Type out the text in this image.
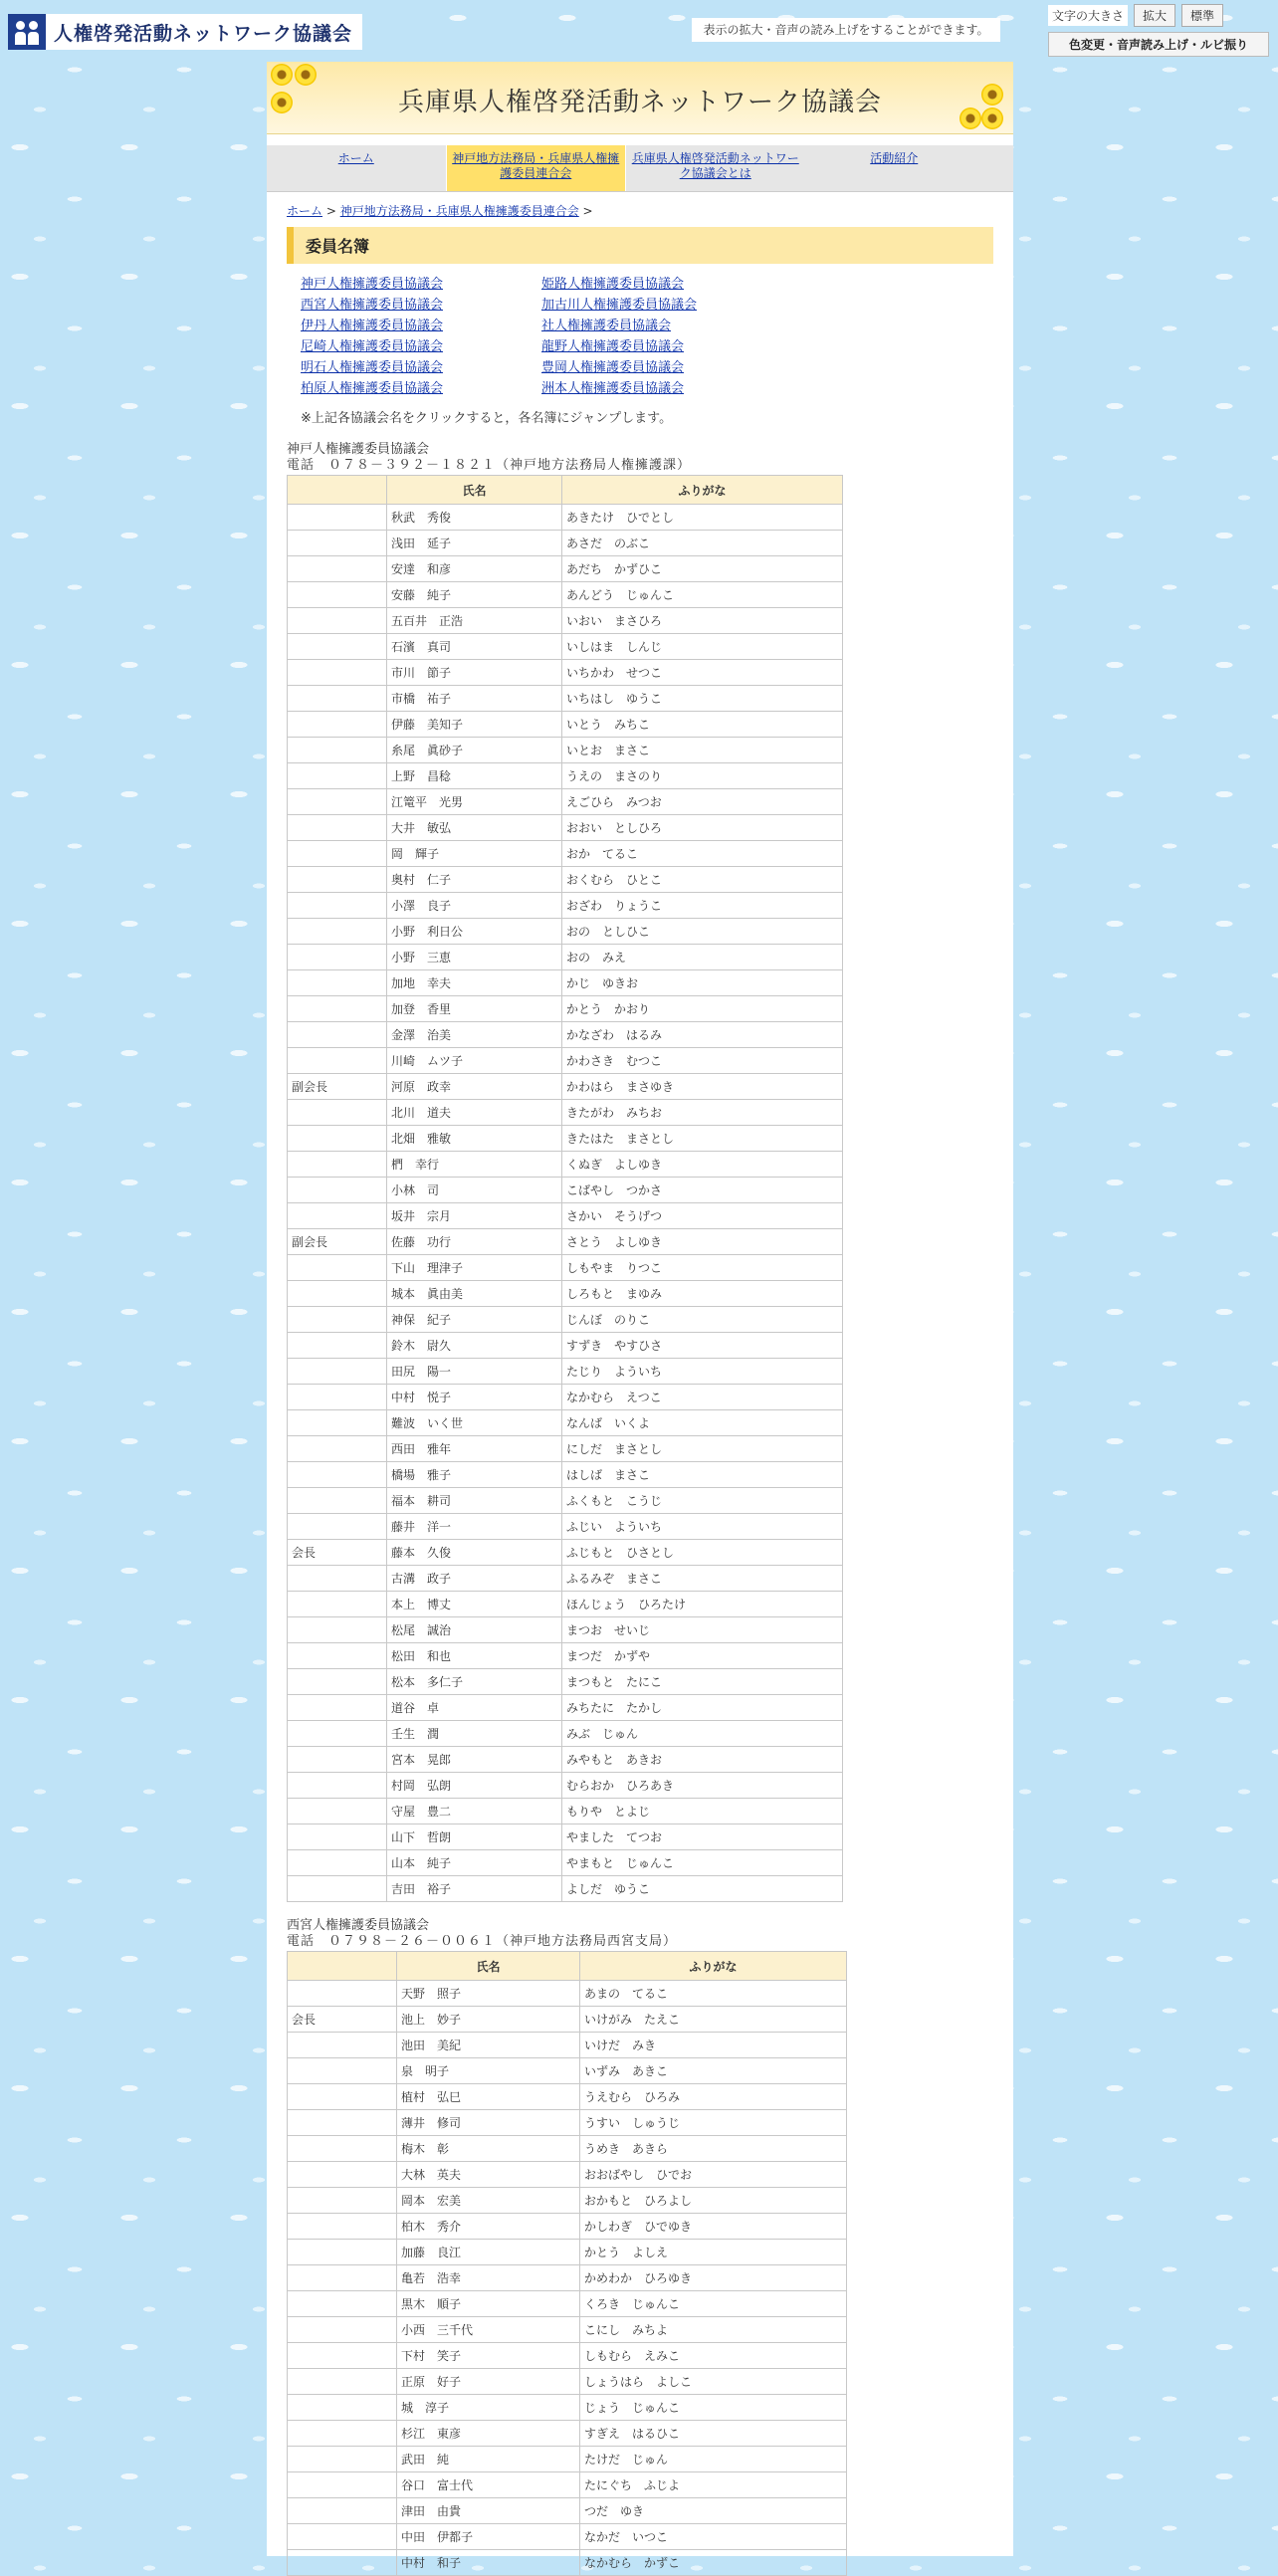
人権啓発活動ネットワーク協議会	表示の拡大・音声の読み上げをすることができます。
文字の大きさ	拡大	標準
色変更・音声読み上げ・ルビ振り
兵庫県人権啓発活動ネットワーク協議会
ホーム	神戸地方法務局・兵庫県人権擁護委員連合会
兵庫県人権啓発活動ネットワーク協議会とは
活動紹介
ホーム > 神戸地方法務局・兵庫県人権擁護委員連合会 >
委員名簿
神戸人権擁護委員協議会	姫路人権擁護委員協議会
西宮人権擁護委員協議会	加古川人権擁護委員協議会
伊丹人権擁護委員協議会	社人権擁護委員協議会
尼崎人権擁護委員協議会	龍野人権擁護委員協議会
明石人権擁護委員協議会	豊岡人権擁護委員協議会
柏原人権擁護委員協議会	洲本人権擁護委員協議会
※上記各協議会名をクリックすると，各名簿にジャンプします。
神戸人権擁護委員協議会
電話　０７８－３９２－１８２１（神戸地方法務局人権擁護課）
	氏名	ふりがな
	秋武　秀俊	あきたけ　ひでとし
	浅田　延子	あさだ　のぶこ
	安達　和彦	あだち　かずひこ
	安藤　純子	あんどう　じゅんこ
	五百井　正浩	いおい　まさひろ
	石濱　真司	いしはま　しんじ
	市川　節子	いちかわ　せつこ
	市橋　祐子	いちはし　ゆうこ
	伊藤　美知子	いとう　みちこ
	糸尾　眞砂子	いとお　まさこ
	上野　昌稔	うえの　まさのり
	江篭平　光男	えごひら　みつお
	大井　敏弘	おおい　としひろ
	岡　輝子	おか　てるこ
	奥村　仁子	おくむら　ひとこ
	小澤　良子	おざわ　りょうこ
	小野　利日公	おの　としひこ
	小野　三恵	おの　みえ
	加地　幸夫	かじ　ゆきお
	加登　香里	かとう　かおり
	金澤　治美	かなざわ　はるみ
	川崎　ムツ子	かわさき　むつこ
副会長	河原　政幸	かわはら　まさゆき
	北川　道夫	きたがわ　みちお
	北畑　雅敏	きたはた　まさとし
	椚　幸行	くぬぎ　よしゆき
	小林　司	こばやし　つかさ
	坂井　宗月	さかい　そうげつ
副会長	佐藤　功行	さとう　よしゆき
	下山　理津子	しもやま　りつこ
	城本　眞由美	しろもと　まゆみ
	神保　紀子	じんぼ　のりこ
	鈴木　尉久	すずき　やすひさ
	田尻　陽一	たじり　よういち
	中村　悦子	なかむら　えつこ
	難波　いく世	なんば　いくよ
	西田　雅年	にしだ　まさとし
	橋場　雅子	はしば　まさこ
	福本　耕司	ふくもと　こうじ
	藤井　洋一	ふじい　よういち
会長	藤本　久俊	ふじもと　ひさとし
	古溝　政子	ふるみぞ　まさこ
	本上　博丈	ほんじょう　ひろたけ
	松尾　誠治	まつお　せいじ
	松田　和也	まつだ　かずや
	松本　多仁子	まつもと　たにこ
	道谷　卓	みちたに　たかし
	壬生　潤	みぶ　じゅん
	宮本　晃郎	みやもと　あきお
	村岡　弘朗	むらおか　ひろあき
	守屋　豊二	もりや　とよじ
	山下　哲朗	やました　てつお
	山本　純子	やまもと　じゅんこ
	吉田　裕子	よしだ　ゆうこ
西宮人権擁護委員協議会
電話　０７９８－２６－００６１（神戸地方法務局西宮支局）
	氏名	ふりがな
	天野　照子	あまの　てるこ
会長	池上　妙子	いけがみ　たえこ
	池田　美紀	いけだ　みき
	泉　明子	いずみ　あきこ
	植村　弘巳	うえむら　ひろみ
	薄井　修司	うすい　しゅうじ
	梅木　彰	うめき　あきら
	大林　英夫	おおばやし　ひでお
	岡本　宏美	おかもと　ひろよし
	柏木　秀介	かしわぎ　ひでゆき
	加藤　良江	かとう　よしえ
	亀若　浩幸	かめわか　ひろゆき
	黒木　順子	くろき　じゅんこ
	小西　三千代	こにし　みちよ
	下村　笑子	しもむら　えみこ
	正原　好子	しょうはら　よしこ
	城　淳子	じょう　じゅんこ
	杉江　東彦	すぎえ　はるひこ
	武田　純	たけだ　じゅん
	谷口　富士代	たにぐち　ふじよ
	津田　由貴	つだ　ゆき
	中田　伊都子	なかだ　いつこ
	中村　和子	なかむら　かずこ
